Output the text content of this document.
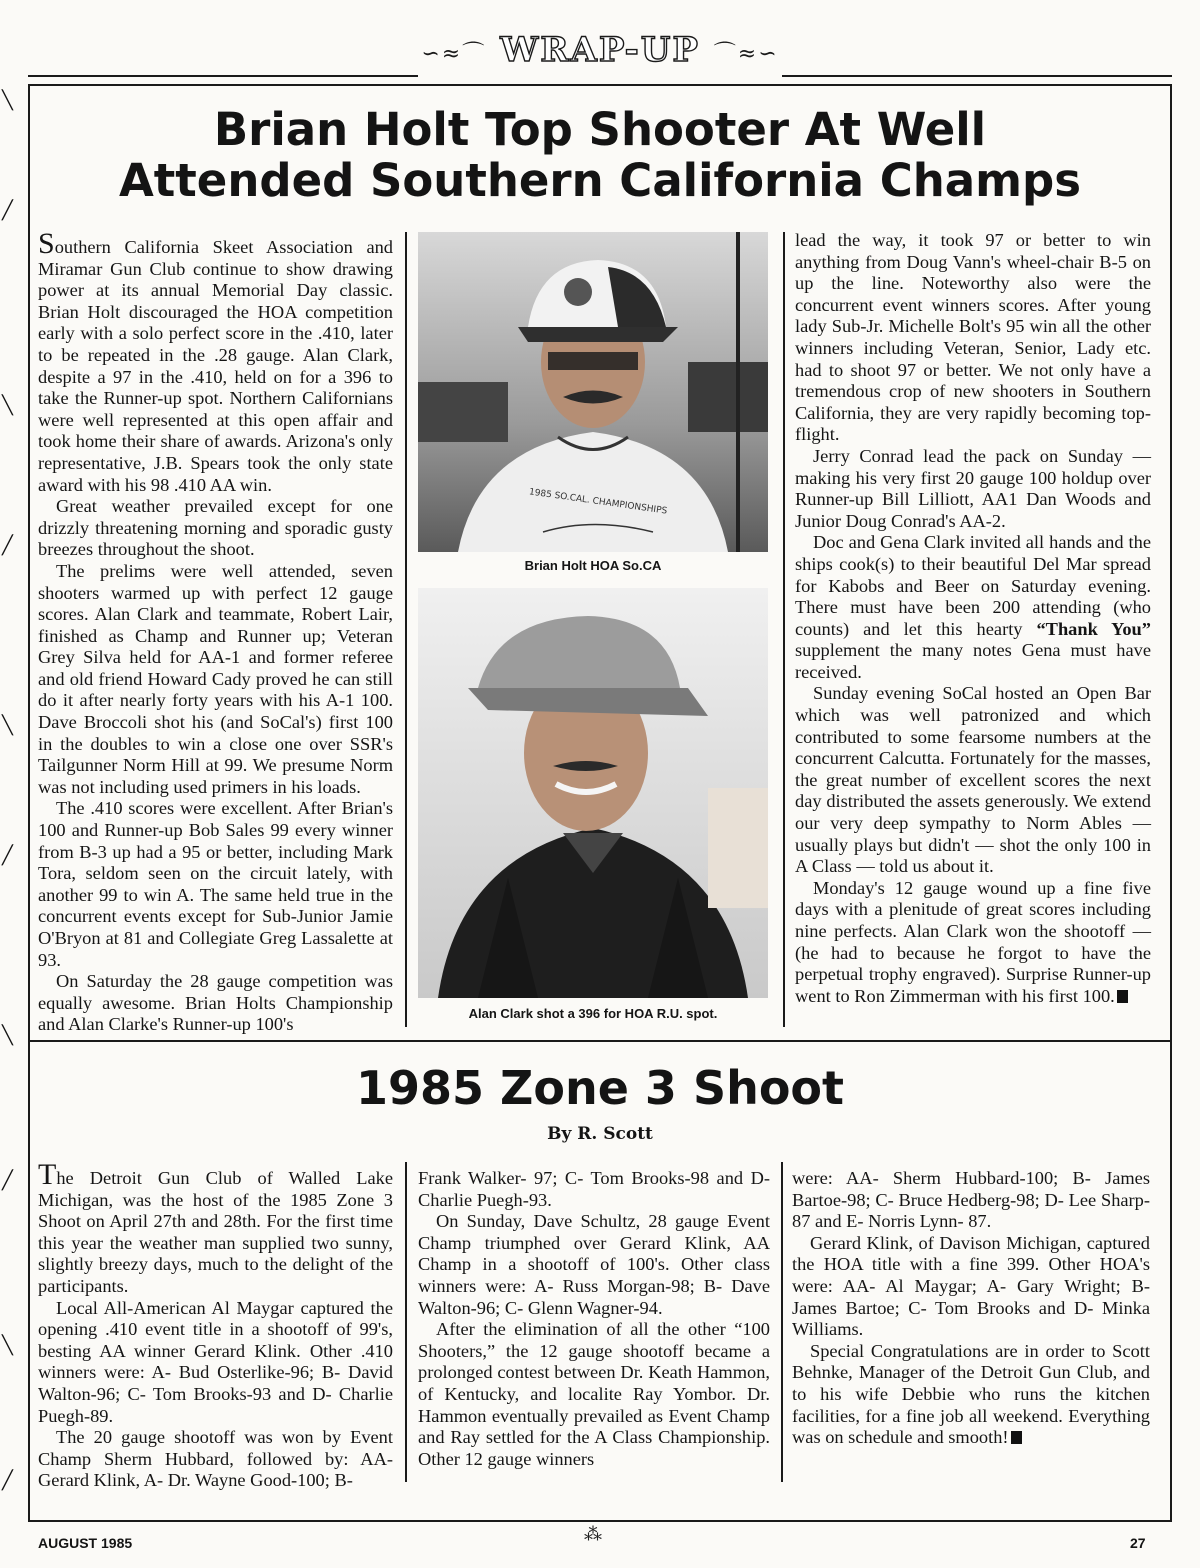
∽≈⌒ WRAP-UP ⌒≈∽
Brian Holt Top Shooter At Well Attended Southern California Champs

Southern California Skeet Association and Miramar Gun Club continue to show drawing power at its annual Memorial Day classic. Brian Holt discouraged the HOA competition early with a solo perfect score in the .410, later to be repeated in the .28 gauge. Alan Clark, despite a 97 in the .410, held on for a 396 to take the Runner-up spot. Northern Californians were well represented at this open affair and took home their share of awards. Arizona's only representative, J.B. Spears took the only state award with his 98 .410 AA win.

Great weather prevailed except for one drizzly threatening morning and sporadic gusty breezes throughout the shoot.

The prelims were well attended, seven shooters warmed up with perfect 12 gauge scores. Alan Clark and teammate, Robert Lair, finished as Champ and Runner up; Veteran Grey Silva held for AA-1 and former referee and old friend Howard Cady proved he can still do it after nearly forty years with his A-1 100. Dave Broccoli shot his (and SoCal's) first 100 in the doubles to win a close one over SSR's Tailgunner Norm Hill at 99. We presume Norm was not including used primers in his loads.

The .410 scores were excellent. After Brian's 100 and Runner-up Bob Sales 99 every winner from B-3 up had a 95 or better, including Mark Tora, seldom seen on the circuit lately, with another 99 to win A. The same held true in the concurrent events except for Sub-Junior Jamie O'Bryon at 81 and Collegiate Greg Lassalette at 93.

On Saturday the 28 gauge competition was equally awesome. Brian Holts Championship and Alan Clarke's Runner-up 100's

1985 SO.CAL. CHAMPIONSHIPS
Brian Holt HOA So.CA
Alan Clark shot a 396 for HOA R.U. spot.

lead the way, it took 97 or better to win anything from Doug Vann's wheel-chair B-5 on up the line. Noteworthy also were the concurrent event winners scores. After young lady Sub-Jr. Michelle Bolt's 95 win all the other winners including Veteran, Senior, Lady etc. had to shoot 97 or better. We not only have a tremendous crop of new shooters in Southern California, they are very rapidly becoming top-flight.

Jerry Conrad lead the pack on Sunday — making his very first 20 gauge 100 holdup over Runner-up Bill Lilliott, AA1 Dan Woods and Junior Doug Conrad's AA-2.

Doc and Gena Clark invited all hands and the ships cook(s) to their beautiful Del Mar spread for Kabobs and Beer on Saturday evening. There must have been 200 attending (who counts) and let this hearty “Thank You” supplement the many notes Gena must have received.

Sunday evening SoCal hosted an Open Bar which was well patronized and which contributed to some fearsome numbers at the concurrent Calcutta. Fortunately for the masses, the great number of excellent scores the next day distributed the assets generously. We extend our very deep sympathy to Norm Ables — usually plays but didn't — shot the only 100 in A Class — told us about it.

Monday's 12 gauge wound up a fine five days with a plenitude of great scores including nine perfects. Alan Clark won the shootoff — (he had to because he forgot to have the perpetual trophy engraved). Surprise Runner-up went to Ron Zimmerman with his first 100.

1985 Zone 3 Shoot
By R. Scott

The Detroit Gun Club of Walled Lake Michigan, was the host of the 1985 Zone 3 Shoot on April 27th and 28th. For the first time this year the weather man supplied two sunny, slightly breezy days, much to the delight of the participants.

Local All-American Al Maygar captured the opening .410 event title in a shootoff of 99's, besting AA winner Gerard Klink. Other .410 winners were: A- Bud Osterlike-96; B- David Walton-96; C- Tom Brooks-93 and D- Charlie Puegh-89.

The 20 gauge shootoff was won by Event Champ Sherm Hubbard, followed by: AA- Gerard Klink, A- Dr. Wayne Good-100; B-

Frank Walker- 97; C- Tom Brooks-98 and D- Charlie Puegh-93.

On Sunday, Dave Schultz, 28 gauge Event Champ triumphed over Gerard Klink, AA Champ in a shootoff of 100's. Other class winners were: A- Russ Morgan-98; B- Dave Walton-96; C- Glenn Wagner-94.

After the elimination of all the other “100 Shooters,” the 12 gauge shootoff became a prolonged contest between Dr. Keath Hammon, of Kentucky, and localite Ray Yombor. Dr. Hammon eventually prevailed as Event Champ and Ray settled for the A Class Championship. Other 12 gauge winners

were: AA- Sherm Hubbard-100; B- James Bartoe-98; C- Bruce Hedberg-98; D- Lee Sharp-87 and E- Norris Lynn- 87.

Gerard Klink, of Davison Michigan, captured the HOA title with a fine 399. Other HOA's were: AA- Al Maygar; A- Gary Wright; B- James Bartoe; C- Tom Brooks and D- Minka Williams.

Special Congratulations are in order to Scott Behnke, Manager of the Detroit Gun Club, and to his wife Debbie who runs the kitchen facilities, for a fine job all weekend. Everything was on schedule and smooth!

AUGUST 1985	⁂	27
╲
╱
╲
╱
╲
╱
╲
╱
╲
╱
